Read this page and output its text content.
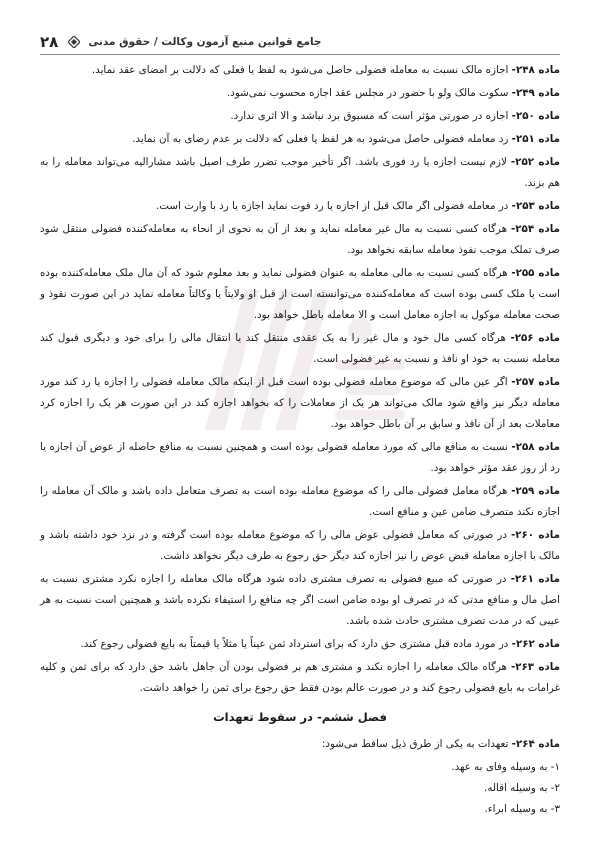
۲۸	جامع قوانین منبع آزمون وکالت / حقوق مدنی

ماده ۲۴۸- اجازه مالک نسبت به معامله فضولی حاصل می‌شود به لفظ یا فعلی که دلالت بر امضای عقد نماید.

ماده ۲۴۹- سکوت مالک ولو با حضور در مجلس عقد اجازه محسوب نمی‌شود.

ماده ۲۵۰- اجازه در صورتی مؤثر است که مسبوق برد نباشد و الا اثری ندارد.

ماده ۲۵۱- رد معامله فضولی حاصل می‌شود به هر لفظ یا فعلی که دلالت بر عدم رضای به آن نماید.

ماده ۲۵۲- لازم نیست اجازه یا رد فوری باشد. اگر تأخیر موجب تضرر طرف اصیل باشد مشارالیه می‌تواند معامله را به هم بزند.

ماده ۲۵۳- در معامله فضولی اگر مالک قبل از اجازه یا رد فوت نماید اجازه یا رد با وارث است.

ماده ۲۵۴- هرگاه کسی نسبت به مال غیر معامله نماید و بعد از آن به نحوی از انحاء به معامله‌کننده فضولی منتقل شود صرف تملک موجب نفوذ معامله سابقه نخواهد بود.

ماده ۲۵۵- هرگاه کسی نسبت به مالی معامله به عنوان فضولی نماید و بعد معلوم شود که آن مال ملک معامله‌کننده بوده است یا ملک کسی بوده است که معامله‌کننده می‌توانسته است از قبل او ولایتاً یا وکالتاً معامله نماید در این صورت نفوذ و صحت معامله موکول به اجازه معامل است و الا معامله باطل خواهد بود.

ماده ۲۵۶- هرگاه کسی مال خود و مال غیر را به یک عقدی منتقل کند یا انتقال مالی را برای خود و دیگری قبول کند معامله نسبت به خود او نافذ و نسبت به غیر فضولی است.

ماده ۲۵۷- اگر عین مالی که موضوع معامله فضولی بوده است قبل از اینکه مالک معامله فضولی را اجازه یا رد کند مورد معامله دیگر نیز واقع شود مالک می‌تواند هر یک از معاملات را که بخواهد اجازه کند در این صورت هر یک را اجازه کرد معاملات بعد از آن نافذ و سابق بر آن باطل خواهد بود.

ماده ۲۵۸- نسبت به منافع مالی که مورد معامله فضولی بوده است و همچنین نسبت به منافع حاصله از عوض آن اجازه یا رد از روز عقد مؤثر خواهد بود.

ماده ۲۵۹- هرگاه معامل فضولی مالی را که موضوع معامله بوده است به تصرف متعامل داده باشد و مالک آن معامله را اجازه نکند متصرف ضامن عین و منافع است.

ماده ۲۶۰- در صورتی که معامل فضولی عوض مالی را که موضوع معامله بوده است گرفته و در نزد خود داشته باشد و مالک با اجازه معامله قبض عوض را نیز اجازه کند دیگر حق رجوع به طرف دیگر نخواهد داشت.

ماده ۲۶۱- در صورتی که مبیع فضولی به تصرف مشتری داده شود هرگاه مالک معامله را اجازه نکرد مشتری نسبت به اصل مال و منافع مدتی که در تصرف او بوده ضامن است اگر چه منافع را استیفاء نکرده باشد و همچنین است نسبت به هر عیبی که در مدت تصرف مشتری حادث شده باشد.

ماده ۲۶۲- در مورد ماده قبل مشتری حق دارد که برای استرداد ثمن عیناً یا مثلاً یا قیمتاً به بایع فضولی رجوع کند.

ماده ۲۶۳- هرگاه مالک معامله را اجازه نکند و مشتری هم بر فضولی بودن آن جاهل باشد حق دارد که برای ثمن و کلیه غرامات به بایع فضولی رجوع کند و در صورت عالم بودن فقط حق رجوع برای ثمن را خواهد داشت.

فصل ششم- در سقوط تعهدات

ماده ۲۶۴- تعهدات به یکی از طرق ذیل ساقط می‌شود:

۱- به وسیله وفای به عهد.

۲- به وسیله اقاله.

۳- به وسیله ابراء.
